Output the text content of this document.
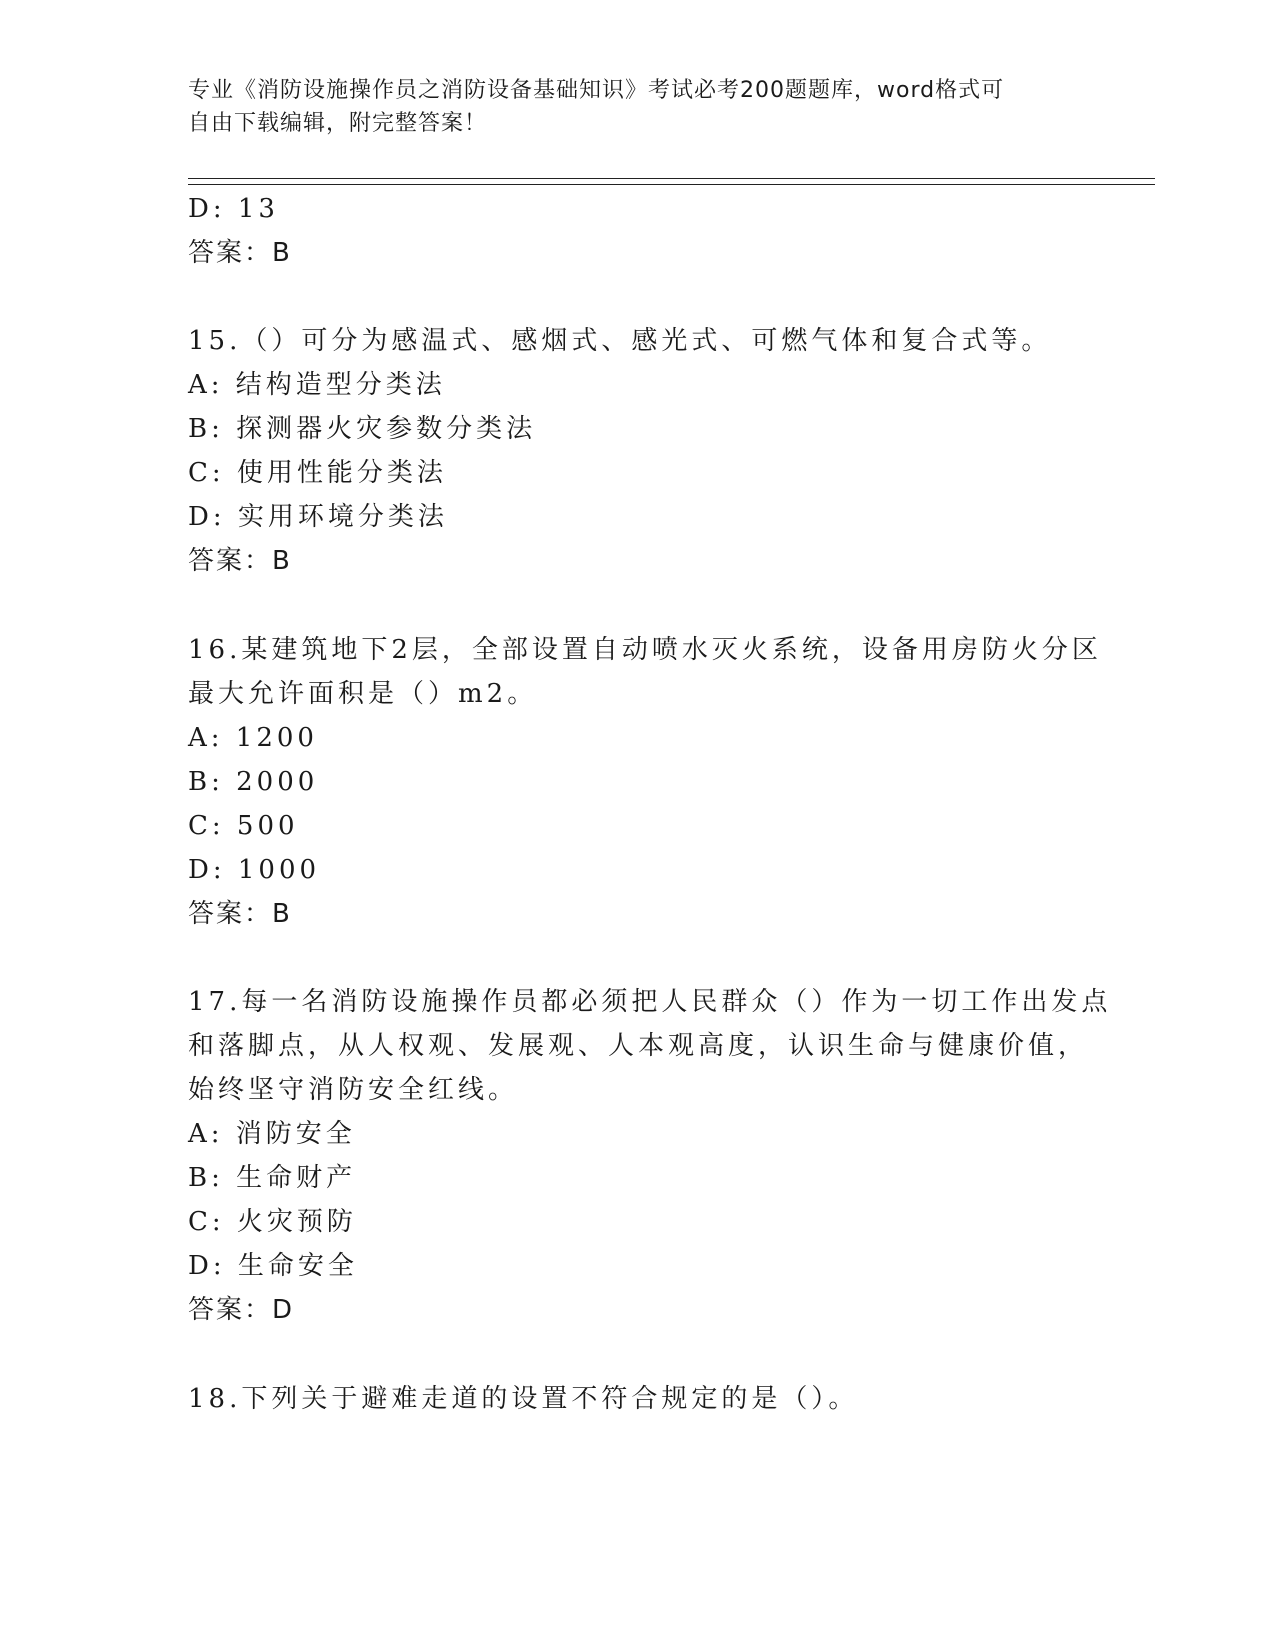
专业《消防设施操作员之消防设备基础知识》考试必考200题题库，word格式可
自由下载编辑，附完整答案！
D: 13
答案：B
15.（）可分为感温式、感烟式、感光式、可燃气体和复合式等。
A: 结构造型分类法
B: 探测器火灾参数分类法
C: 使用性能分类法
D: 实用环境分类法
答案：B
16.某建筑地下2层，全部设置自动喷水灭火系统，设备用房防火分区
最大允许面积是（）m2。
A: 1200
B: 2000
C: 500
D: 1000
答案：B
17.每一名消防设施操作员都必须把人民群众（）作为一切工作出发点
和落脚点，从人权观、发展观、人本观高度，认识生命与健康价值，
始终坚守消防安全红线。
A: 消防安全
B: 生命财产
C: 火灾预防
D: 生命安全
答案：D
18.下列关于避难走道的设置不符合规定的是（）。
